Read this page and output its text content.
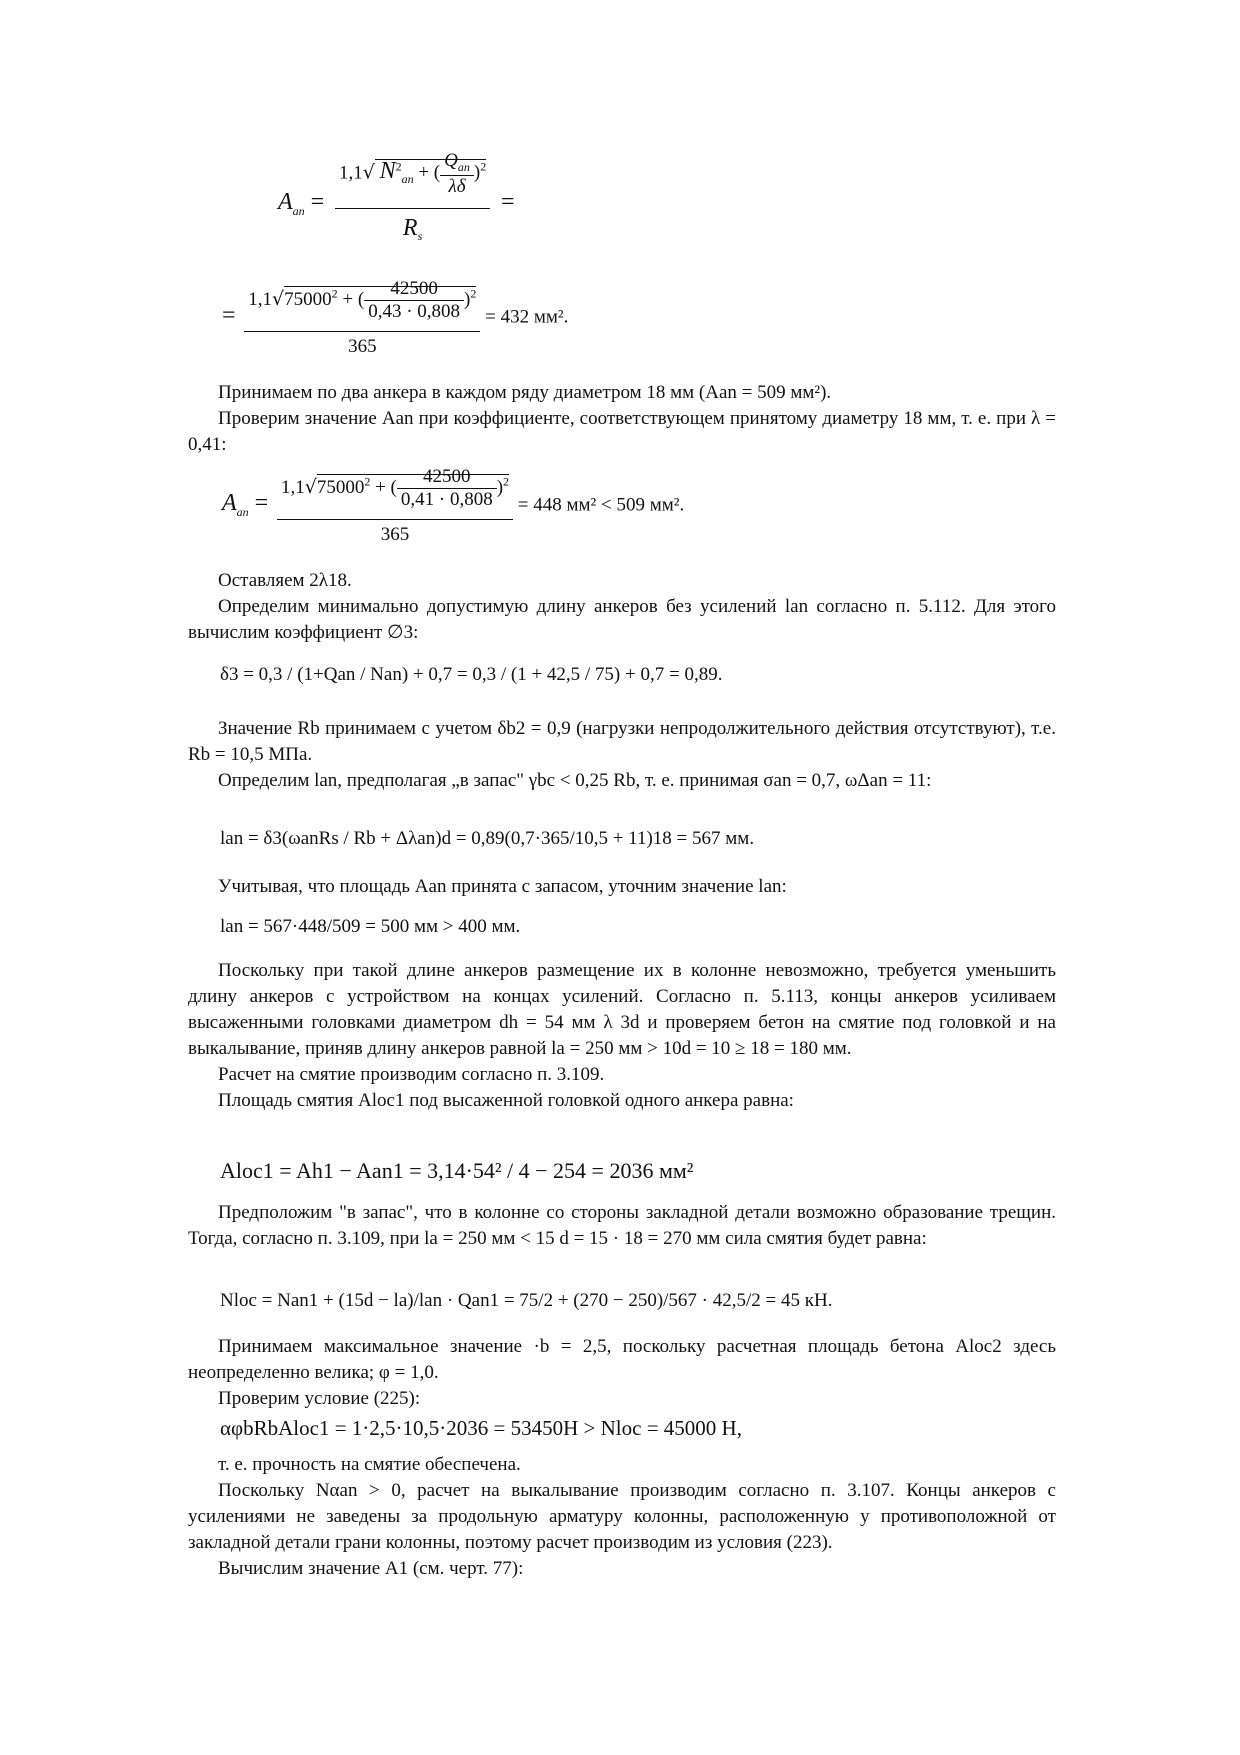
$A_{an} = \frac{1,1√ N^2_{an} + ( \frac{Q_{an}}{\lambda\delta} )^2}{R_s}$ =
= $\frac{1,1√75000^2 + ( \frac{42500}{0,43 \cdot 0,808} )^2}{365} = 432$ мм².
Принимаем по два анкера в каждом ряду диаметром 18 мм (Aan = 509 мм²).
Проверим значение Aan при коэффициенте, соответствующем принятому диаметру 18 мм, т. е. при λ = 0,41:
$A_{an} = \frac{1,1√75000^2 + ( \frac{42500}{0,41 \cdot 0,808} )^2}{365} = 448$ мм² < 509 мм².
Оставляем 2λ18.
Определим минимально допустимую длину анкеров без усилений lan согласно п. 5.112. Для этого вычислим коэффициент ∅3:
δ3 = 0,3 / (1+Qan / Nan) + 0,7 = 0,3 / (1 + 42,5 / 75) + 0,7 = 0,89.
Значение Rb принимаем с учетом δb2 = 0,9 (нагрузки непродолжительного действия отсутствуют), т.е. Rb = 10,5 МПа.
Определим lan, предполагая „в запас" γbc < 0,25 Rb, т. е. принимая σan = 0,7, ωΔan = 11:
lan = δ3(ωanRs / Rb + Δλan)d = 0,89(0,7·365/10,5 + 11)18 = 567 мм.
Учитывая, что площадь Aan принята с запасом, уточним значение lan:
lan = 567·448/509 = 500 мм > 400 мм.
Поскольку при такой длине анкеров размещение их в колонне невозможно, требуется уменьшить длину анкеров с устройством на концах усилений. Согласно п. 5.113, концы анкеров усиливаем высаженными головками диаметром dh = 54 мм λ 3d и проверяем бетон на смятие под головкой и на выкалывание, приняв длину анкеров равной la = 250 мм > 10d = 10 ≥ 18 = 180 мм.
Расчет на смятие производим согласно п. 3.109.
Площадь смятия Aloc1 под высаженной головкой одного анкера равна:
Aloc1 = Ah1 − Aan1 = 3,14·54² / 4 − 254 = 2036 мм²
Предположим "в запас", что в колонне со стороны закладной детали возможно образование трещин. Тогда, согласно п. 3.109, при la = 250 мм < 15 d = 15 · 18 = 270 мм сила смятия будет равна:
Nloc = Nan1 + (15d − la)/lan · Qan1 = 75/2 + (270 − 250)/567 · 42,5/2 = 45 кН.
Принимаем максимальное значение ·b = 2,5, поскольку расчетная площадь бетона Aloc2 здесь неопределенно велика; φ = 1,0.
Проверим условие (225):
αφbRbAloc1 = 1·2,5·10,5·2036 = 53450Н > Nloc = 45000 Н,
т. е. прочность на смятие обеспечена.
Поскольку Nαan > 0, расчет на выкалывание производим согласно п. 3.107. Концы анкеров с усилениями не заведены за продольную арматуру колонны, расположенную у противоположной от закладной детали грани колонны, поэтому расчет производим из условия (223).
Вычислим значение A1 (см. черт. 77):
